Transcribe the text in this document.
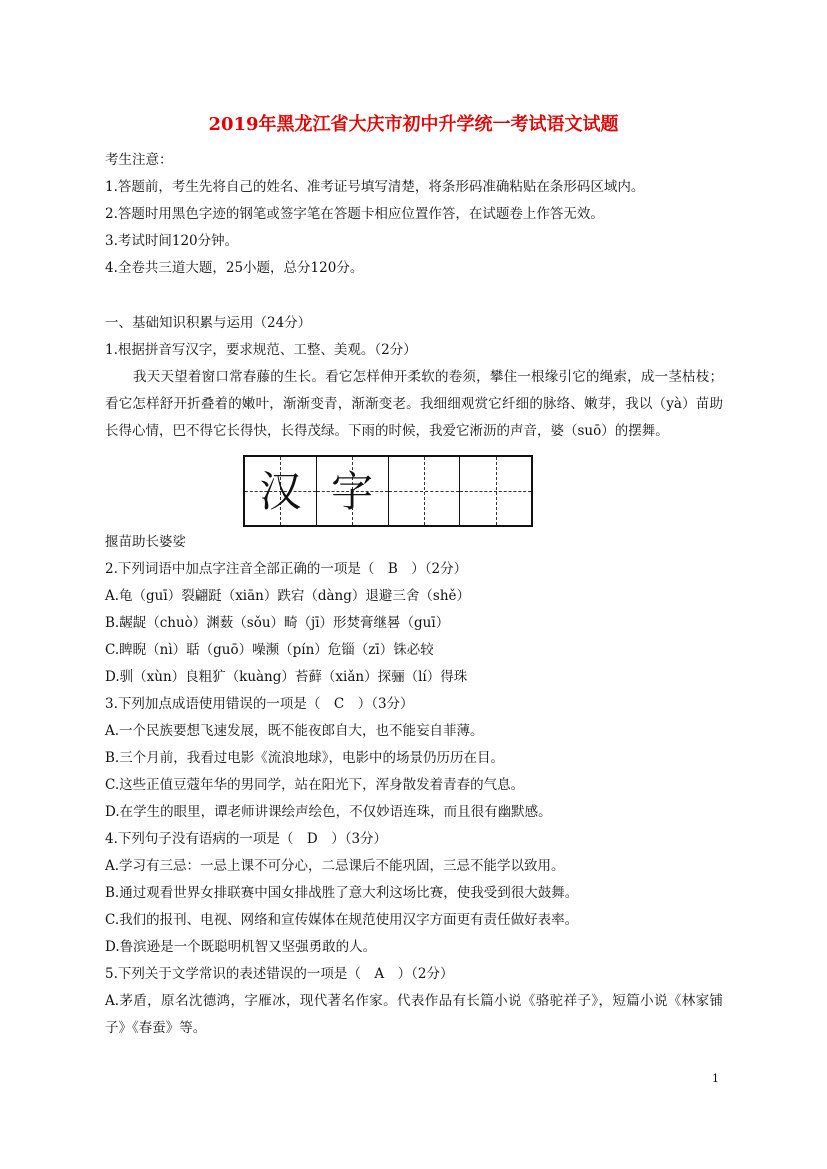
2019年黑龙江省大庆市初中升学统一考试语文试题
考生注意：
1.答题前，考生先将自己的姓名、准考证号填写清楚，将条形码准确粘贴在条形码区域内。
2.答题时用黑色字迹的钢笔或签字笔在答题卡相应位置作答，在试题卷上作答无效。
3.考试时间120分钟。
4.全卷共三道大题，25小题，总分120分。
一、基础知识积累与运用（24分）
1.根据拼音写汉字，要求规范、工整、美观。（2分）
我天天望着窗口常春藤的生长。看它怎样伸开柔软的卷须，攀住一根缘引它的绳索，成一茎枯枝；看它怎样舒开折叠着的嫩叶，渐渐变青，渐渐变老。我细细观赏它纤细的脉络、嫩芽，我以（yà）苗助长得心情，巴不得它长得快，长得茂绿。下雨的时候，我爱它淅沥的声音，婆（suō）的摆舞。
汉 字
揠苗助长婆娑
2.下列词语中加点字注音全部正确的一项是（　B　）（2分）
A.龟（guī）裂翩跹（xiān）跌宕（dàng）退避三舍（shě）
B.龌龊（chuò）渊薮（sǒu）畸（jī）形焚膏继晷（guī）
C.睥睨（nì）聒（guō）噪濒（pín）危锱（zī）铢必较
D.驯（xùn）良粗犷（kuàng）苔藓（xiǎn）探骊（lí）得珠
3.下列加点成语使用错误的一项是（　C　）（3分）
A.一个民族要想飞速发展，既不能夜郎自大，也不能妄自菲薄。
B.三个月前，我看过电影《流浪地球》，电影中的场景仍历历在目。
C.这些正值豆蔻年华的男同学，站在阳光下，浑身散发着青春的气息。
D.在学生的眼里，谭老师讲课绘声绘色，不仅妙语连珠，而且很有幽默感。
4.下列句子没有语病的一项是（　D　）（3分）
A.学习有三忌：一忌上课不可分心，二忌课后不能巩固，三忌不能学以致用。
B.通过观看世界女排联赛中国女排战胜了意大利这场比赛，使我受到很大鼓舞。
C.我们的报刊、电视、网络和宣传媒体在规范使用汉字方面更有责任做好表率。
D.鲁滨逊是一个既聪明机智又坚强勇敢的人。
5.下列关于文学常识的表述错误的一项是（　A　）（2分）
A.茅盾，原名沈德鸿，字雁冰，现代著名作家。代表作品有长篇小说《骆驼祥子》，短篇小说《林家铺子》《春蚕》等。
1
